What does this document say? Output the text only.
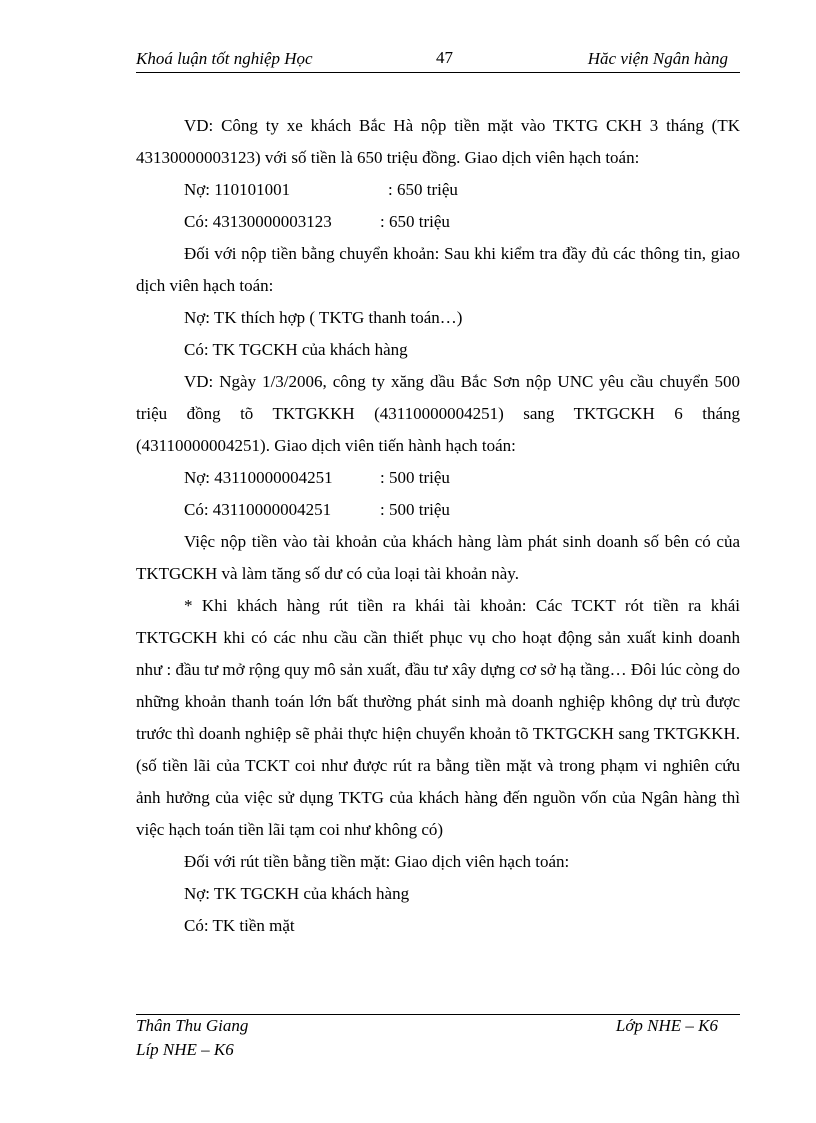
Khoá luận tốt nghiệp Học	47	Hăc viện Ngân hàng

VD: Công ty xe khách Bắc Hà nộp tiền mặt vào TKTG CKH 3 tháng (TK 43130000003123) với số tiền là 650 triệu đồng. Giao dịch viên hạch toán:

Nợ: 110101001	: 650 triệu
Có: 43130000003123	: 650 triệu

Đối với nộp tiền bằng chuyển khoản: Sau khi kiểm tra đầy đủ các thông tin, giao dịch viên hạch toán:

Nợ: TK thích hợp ( TKTG thanh toán…)

Có: TK TGCKH của khách hàng

VD: Ngày 1/3/2006, công ty xăng dầu Bắc Sơn nộp UNC yêu cầu chuyển 500 triệu đồng tõ TKTGKKH (43110000004251) sang TKTGCKH 6 tháng (43110000004251). Giao dịch viên tiến hành hạch toán:

Nợ: 43110000004251	: 500 triệu
Có: 43110000004251	: 500 triệu

Việc nộp tiền vào tài khoản của khách hàng làm phát sinh doanh số bên có của TKTGCKH và làm tăng số dư có của loại tài khoản này.

* Khi khách hàng rút tiền ra khái tài khoản: Các TCKT rót tiền ra khái TKTGCKH khi có các nhu cầu cần thiết phục vụ cho hoạt động sản xuất kinh doanh như : đầu tư mở rộng quy mô sản xuất, đầu tư xây dựng cơ sở hạ tầng… Đôi lúc còng do những khoản thanh toán lớn bất thường phát sinh mà doanh nghiệp không dự trù được trước thì doanh nghiệp sẽ phải thực hiện chuyển khoản tõ TKTGCKH sang TKTGKKH.(số tiền lãi của TCKT coi như được rút ra bằng tiền mặt và trong phạm vi nghiên cứu ảnh hưởng của việc sử dụng TKTG của khách hàng đến nguồn vốn của Ngân hàng thì việc hạch toán tiền lãi tạm coi như không có)

Đối với rút tiền bằng tiền mặt: Giao dịch viên hạch toán:

Nợ: TK TGCKH của khách hàng

Có: TK tiền mặt

Thân Thu Giang	Lớp NHE – K6
Líp NHE – K6
